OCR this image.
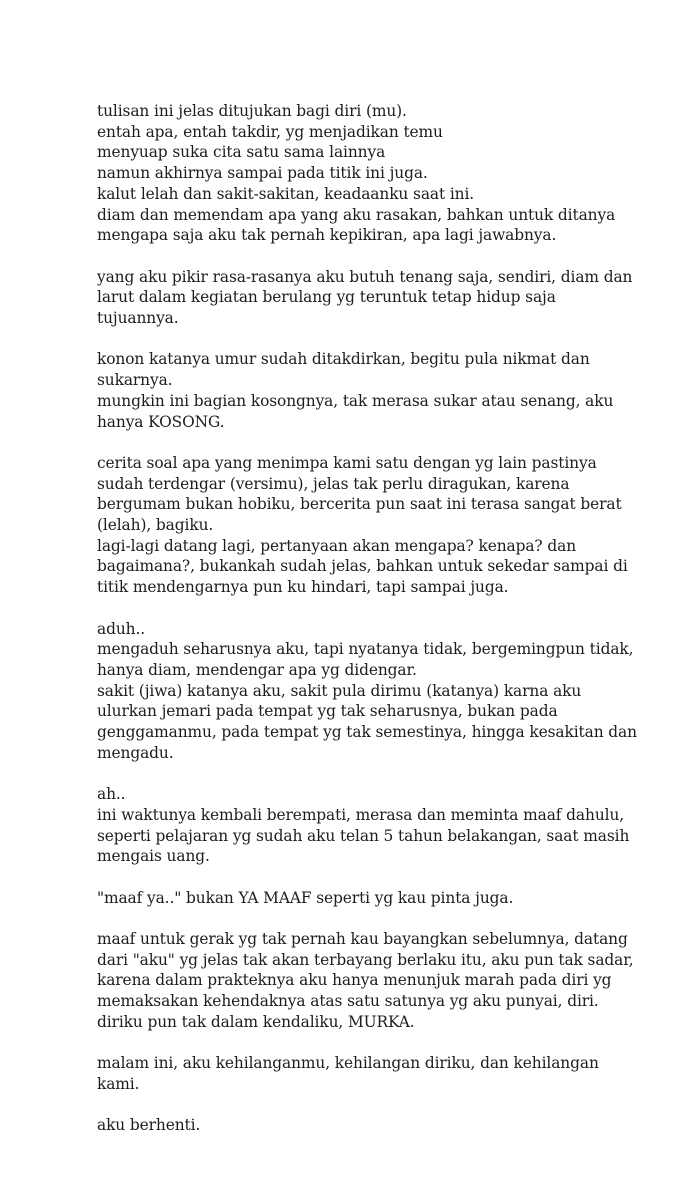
tulisan ini jelas ditujukan bagi diri (mu).
entah apa, entah takdir, yg menjadikan temu
menyuap suka cita satu sama lainnya
namun akhirnya sampai pada titik ini juga.
kalut lelah dan sakit-sakitan, keadaanku saat ini.
diam dan memendam apa yang aku rasakan, bahkan untuk ditanya
mengapa saja aku tak pernah kepikiran, apa lagi jawabnya.
yang aku pikir rasa-rasanya aku butuh tenang saja, sendiri, diam dan
larut dalam kegiatan berulang yg teruntuk tetap hidup saja
tujuannya.
konon katanya umur sudah ditakdirkan, begitu pula nikmat dan
sukarnya.
mungkin ini bagian kosongnya, tak merasa sukar atau senang, aku
hanya KOSONG.
cerita soal apa yang menimpa kami satu dengan yg lain pastinya
sudah terdengar (versimu), jelas tak perlu diragukan, karena
bergumam bukan hobiku, bercerita pun saat ini terasa sangat berat
(lelah), bagiku.
lagi-lagi datang lagi, pertanyaan akan mengapa? kenapa? dan
bagaimana?, bukankah sudah jelas, bahkan untuk sekedar sampai di
titik mendengarnya pun ku hindari, tapi sampai juga.
aduh..
mengaduh seharusnya aku, tapi nyatanya tidak, bergemingpun tidak,
hanya diam, mendengar apa yg didengar.
sakit (jiwa) katanya aku, sakit pula dirimu (katanya) karna aku
ulurkan jemari pada tempat yg tak seharusnya, bukan pada
genggamanmu, pada tempat yg tak semestinya, hingga kesakitan dan
mengadu.
ah..
ini waktunya kembali berempati, merasa dan meminta maaf dahulu,
seperti pelajaran yg sudah aku telan 5 tahun belakangan, saat masih
mengais uang.
"maaf ya.." bukan YA MAAF seperti yg kau pinta juga.
maaf untuk gerak yg tak pernah kau bayangkan sebelumnya, datang
dari "aku" yg jelas tak akan terbayang berlaku itu, aku pun tak sadar,
karena dalam prakteknya aku hanya menunjuk marah pada diri yg
memaksakan kehendaknya atas satu satunya yg aku punyai, diri.
diriku pun tak dalam kendaliku, MURKA.
malam ini, aku kehilanganmu, kehilangan diriku, dan kehilangan
kami.
aku berhenti.
